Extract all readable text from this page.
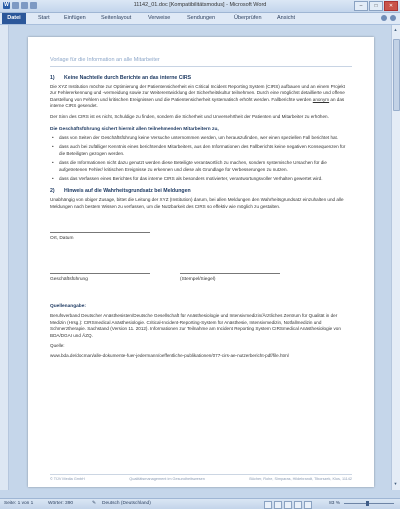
W	11142_01.doc [Kompatibilitätsmodus] - Microsoft Word	–	□	✕
Datei	Start	Einfügen	Seitenlayout	Verweise	Sendungen	Überprüfen	Ansicht
▲
▼
Vorlage für die Information an alle Mitarbeiter
1) Keine Nachteile durch Berichte an das interne CIRS
Die XYZ Institution möchte zur Optimierung der Patientensicherheit ein Critical Incident Reporting System (CIRS) aufbauen und an einem Projekt zur Fehlererkennung und -vermeidung sowie zur Weiterentwicklung der Sicherheitskultur teilnehmen. Durch eine möglichst detaillierte und offene Darstellung von Fehlern und kritischen Ereignissen und die Patientensicherheit systematisch erhöht werden. Fallberichte werden anonym an das interne CIRS gesendet.
Der Sinn des CIRS ist es nicht, Schuldige zu finden, sondern die Sicherheit und Unversehrtheit der Patienten und Mitarbeiter zu erhöhen.
Die Geschäftsführung sichert hiermit allen teilnehmenden Mitarbeitern zu,
• dass von Seiten der Geschäftsführung keine Versuche unternommen werden, um herauszufinden, wer einen speziellen Fall berichtet hat.
• dass auch bei zufälliger Kenntnis eines berichtenden Mitarbeiters, aus den Informationen des Fallberichts keine negativen Konsequenzen für die Beteiligten gezogen werden.
• dass die Informationen nicht dazu genutzt werden diese Beteiligte verantwortlich zu machen, sondern systemische Ursachen für die aufgetretenen Fehler/ kritischen Ereignisse zu erkennen und diese als Grundlage für Verbesserungen zu nutzen.
• dass das Verfassen eines Berichtes für das interne CIRS als besonders motivierter, verantwortungsvoller Verhalten gewertet wird.
2) Hinweis auf die Wahrheitsgrundsatz bei Meldungen
Unabhängig von obiger Zusage, bittet die Leitung der XYZ (Institution) darum, bei allen Meldungen den Wahrheitsgrundsatz einzuhalten und alle Meldungen nach bestem Wissen zu verfassen, um die Nutzbarkeit des CIRS so effektiv wie möglich zu gestalten.
Ort, Datum
Geschäftsführung	(Stempel/Siegel)
Quellenangabe:
Berufsverband Deutscher Anästhesisten/Deutsche Gesellschaft für Anästhesiologie und Intensivmedizin/Ärztliches Zentrum für Qualität in der Medizin (Hrsg.): CIRSmedical Anästhesiologie. Critical-Incident-Reporting-System für Anästhesie, Intensivmedizin, Notfallmedizin und Schmerztherapie. Sachstand (Version 11. 2012). Informationen zur Teilnahme am Incident Reporting System CIRSmedical Anästhesiologie von BDA/DGAI und ÄZQ.
Quelle:
www.bda.de/docman/alle-dokumente-fuer-jedermann/oeffentliche-publikationen/077-cirs-ae-nutzerbericht-pdf/file.html
© TÜV Media GmbH	Qualitätsmanagement im Gesundheitswesen	Bücher, Rohe, Simparas, Hildebrandt, Tiborszek, Klos, 11142
Seite: 1 von 1	Wörter: 390	✎ Deutsch (Deutschland)	83 %
